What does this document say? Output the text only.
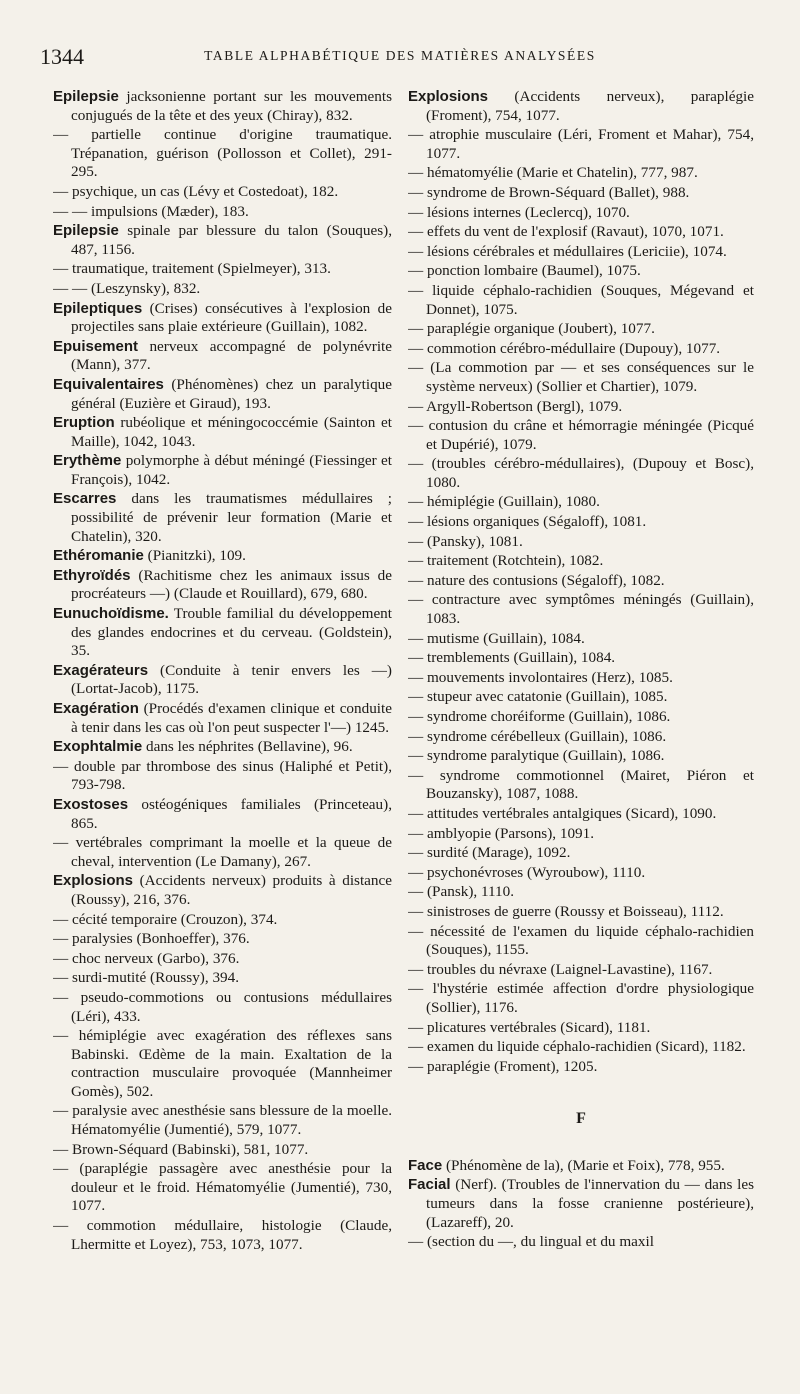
1344	TABLE ALPHABÉTIQUE DES MATIÈRES ANALYSÉES
Epilepsie jacksonienne portant sur les mouvements conjugués de la tête et des yeux (Chiray), 832.
— partielle continue d'origine traumatique. Trépanation, guérison (Pollosson et Collet), 291-295.
— psychique, un cas (Lévy et Costedoat), 182.
— — impulsions (Mæder), 183.
Epilepsie spinale par blessure du talon (Souques), 487, 1156.
— traumatique, traitement (Spielmeyer), 313.
— — (Leszynsky), 832.
Epileptiques (Crises) consécutives à l'explosion de projectiles sans plaie extérieure (Guillain), 1082.
Epuisement nerveux accompagné de polynévrite (Mann), 377.
Equivalentaires (Phénomènes) chez un paralytique général (Euzière et Giraud), 193.
Eruption rubéolique et méningococcémie (Sainton et Maille), 1042, 1043.
Erythème polymorphe à début méningé (Fiessinger et François), 1042.
Escarres dans les traumatismes médullaires ; possibilité de prévenir leur formation (Marie et Chatelin), 320.
Ethéromanie (Pianitzki), 109.
Ethyroïdés (Rachitisme chez les animaux issus de procréateurs —) (Claude et Rouillard), 679, 680.
Eunuchoïdisme. Trouble familial du développement des glandes endocrines et du cerveau. (Goldstein), 35.
Exagérateurs (Conduite à tenir envers les —) (Lortat-Jacob), 1175.
Exagération (Procédés d'examen clinique et conduite à tenir dans les cas où l'on peut suspecter l'—) 1245.
Exophtalmie dans les néphrites (Bellavine), 96.
— double par thrombose des sinus (Haliphé et Petit), 793-798.
Exostoses ostéogéniques familiales (Princeteau), 865.
— vertébrales comprimant la moelle et la queue de cheval, intervention (Le Damany), 267.
Explosions (Accidents nerveux) produits à distance (Roussy), 216, 376.
— cécité temporaire (Crouzon), 374.
— paralysies (Bonhoeffer), 376.
— choc nerveux (Garbo), 376.
— surdi-mutité (Roussy), 394.
— pseudo-commotions ou contusions médullaires (Léri), 433.
— hémiplégie avec exagération des réflexes sans Babinski. Œdème de la main. Exaltation de la contraction musculaire provoquée (Mannheimer Gomès), 502.
— paralysie avec anesthésie sans blessure de la moelle. Hématomyélie (Jumentié), 579, 1077.
— Brown-Séquard (Babinski), 581, 1077.
— (paraplégie passagère avec anesthésie pour la douleur et le froid. Hématomyélie (Jumentié), 730, 1077.
— commotion médullaire, histologie (Claude, Lhermitte et Loyez), 753, 1073, 1077.
Explosions (Accidents nerveux), paraplégie (Froment), 754, 1077.
— atrophie musculaire (Léri, Froment et Mahar), 754, 1077.
— hématomyélie (Marie et Chatelin), 777, 987.
— syndrome de Brown-Séquard (Ballet), 988.
— lésions internes (Leclercq), 1070.
— effets du vent de l'explosif (Ravaut), 1070, 1071.
— lésions cérébrales et médullaires (Lericiie), 1074.
— ponction lombaire (Baumel), 1075.
— liquide céphalo-rachidien (Souques, Mégevand et Donnet), 1075.
— paraplégie organique (Joubert), 1077.
— commotion cérébro-médullaire (Dupouy), 1077.
— (La commotion par — et ses conséquences sur le système nerveux) (Sollier et Chartier), 1079.
— Argyll-Robertson (Bergl), 1079.
— contusion du crâne et hémorragie méningée (Picqué et Dupérié), 1079.
— (troubles cérébro-médullaires), (Dupouy et Bosc), 1080.
— hémiplégie (Guillain), 1080.
— lésions organiques (Ségaloff), 1081.
— (Pansky), 1081.
— traitement (Rotchtein), 1082.
— nature des contusions (Ségaloff), 1082.
— contracture avec symptômes méningés (Guillain), 1083.
— mutisme (Guillain), 1084.
— tremblements (Guillain), 1084.
— mouvements involontaires (Herz), 1085.
— stupeur avec catatonie (Guillain), 1085.
— syndrome choréiforme (Guillain), 1086.
— syndrome cérébelleux (Guillain), 1086.
— syndrome paralytique (Guillain), 1086.
— syndrome commotionnel (Mairet, Piéron et Bouzansky), 1087, 1088.
— attitudes vertébrales antalgiques (Sicard), 1090.
— amblyopie (Parsons), 1091.
— surdité (Marage), 1092.
— psychonévroses (Wyroubow), 1110.
— (Pansk), 1110.
— sinistroses de guerre (Roussy et Boisseau), 1112.
— nécessité de l'examen du liquide céphalo-rachidien (Souques), 1155.
— troubles du névraxe (Laignel-Lavastine), 1167.
— l'hystérie estimée affection d'ordre physiologique (Sollier), 1176.
— plicatures vertébrales (Sicard), 1181.
— examen du liquide céphalo-rachidien (Sicard), 1182.
— paraplégie (Froment), 1205.
F
Face (Phénomène de la), (Marie et Foix), 778, 955.
Facial (Nerf). (Troubles de l'innervation du — dans les tumeurs dans la fosse cranienne postérieure), (Lazareff), 20.
— (section du —, du lingual et du maxil
